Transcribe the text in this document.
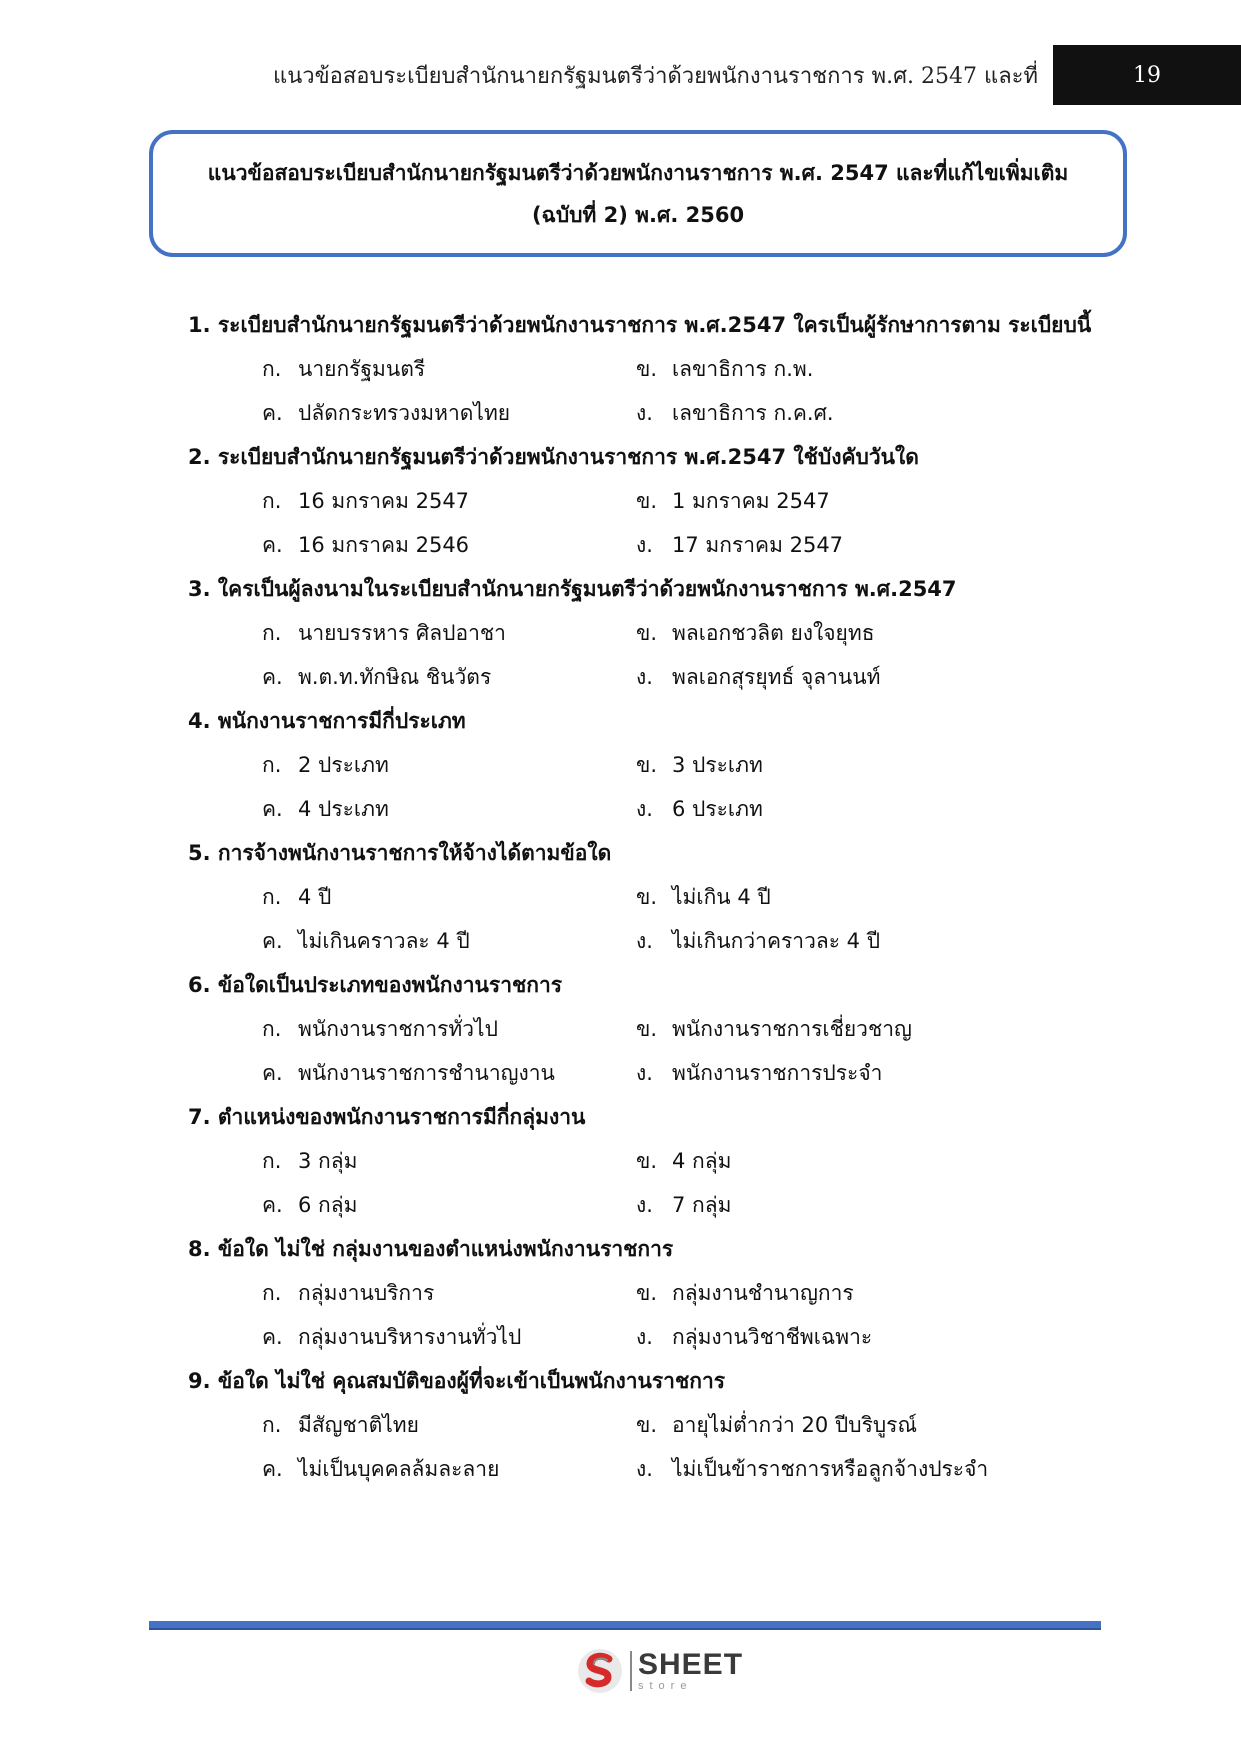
แนวข้อสอบระเบียบสำนักนายกรัฐมนตรีว่าด้วยพนักงานราชการ พ.ศ. 2547 และที่	19
แนวข้อสอบระเบียบสำนักนายกรัฐมนตรีว่าด้วยพนักงานราชการ พ.ศ. 2547 และที่แก้ไขเพิ่มเติม
(ฉบับที่ 2) พ.ศ. 2560
1. ระเบียบสำนักนายกรัฐมนตรีว่าด้วยพนักงานราชการ พ.ศ.2547 ใครเป็นผู้รักษาการตาม ระเบียบนี้
ก. นายกรัฐมนตรี	ข. เลขาธิการ ก.พ.
ค. ปลัดกระทรวงมหาดไทย	ง. เลขาธิการ ก.ค.ศ.
2. ระเบียบสำนักนายกรัฐมนตรีว่าด้วยพนักงานราชการ พ.ศ.2547 ใช้บังคับวันใด
ก. 16 มกราคม 2547	ข. 1 มกราคม 2547
ค. 16 มกราคม 2546	ง. 17 มกราคม 2547
3. ใครเป็นผู้ลงนามในระเบียบสำนักนายกรัฐมนตรีว่าด้วยพนักงานราชการ พ.ศ.2547
ก. นายบรรหาร ศิลปอาชา	ข. พลเอกชวลิต ยงใจยุทธ
ค. พ.ต.ท.ทักษิณ ชินวัตร	ง. พลเอกสุรยุทธ์ จุลานนท์
4. พนักงานราชการมีกี่ประเภท
ก. 2 ประเภท	ข. 3 ประเภท
ค. 4 ประเภท	ง. 6 ประเภท
5. การจ้างพนักงานราชการให้จ้างได้ตามข้อใด
ก. 4 ปี	ข. ไม่เกิน 4 ปี
ค. ไม่เกินคราวละ 4 ปี	ง. ไม่เกินกว่าคราวละ 4 ปี
6. ข้อใดเป็นประเภทของพนักงานราชการ
ก. พนักงานราชการทั่วไป	ข. พนักงานราชการเชี่ยวชาญ
ค. พนักงานราชการชำนาญงาน	ง. พนักงานราชการประจำ
7. ตำแหน่งของพนักงานราชการมีกี่กลุ่มงาน
ก. 3 กลุ่ม	ข. 4 กลุ่ม
ค. 6 กลุ่ม	ง. 7 กลุ่ม
8. ข้อใด ไม่ใช่ กลุ่มงานของตำแหน่งพนักงานราชการ
ก. กลุ่มงานบริการ	ข. กลุ่มงานชำนาญการ
ค. กลุ่มงานบริหารงานทั่วไป	ง. กลุ่มงานวิชาชีพเฉพาะ
9. ข้อใด ไม่ใช่ คุณสมบัติของผู้ที่จะเข้าเป็นพนักงานราชการ
ก. มีสัญชาติไทย	ข. อายุไม่ต่ำกว่า 20 ปีบริบูรณ์
ค. ไม่เป็นบุคคลล้มละลาย	ง. ไม่เป็นข้าราชการหรือลูกจ้างประจำ
SHEET
store
